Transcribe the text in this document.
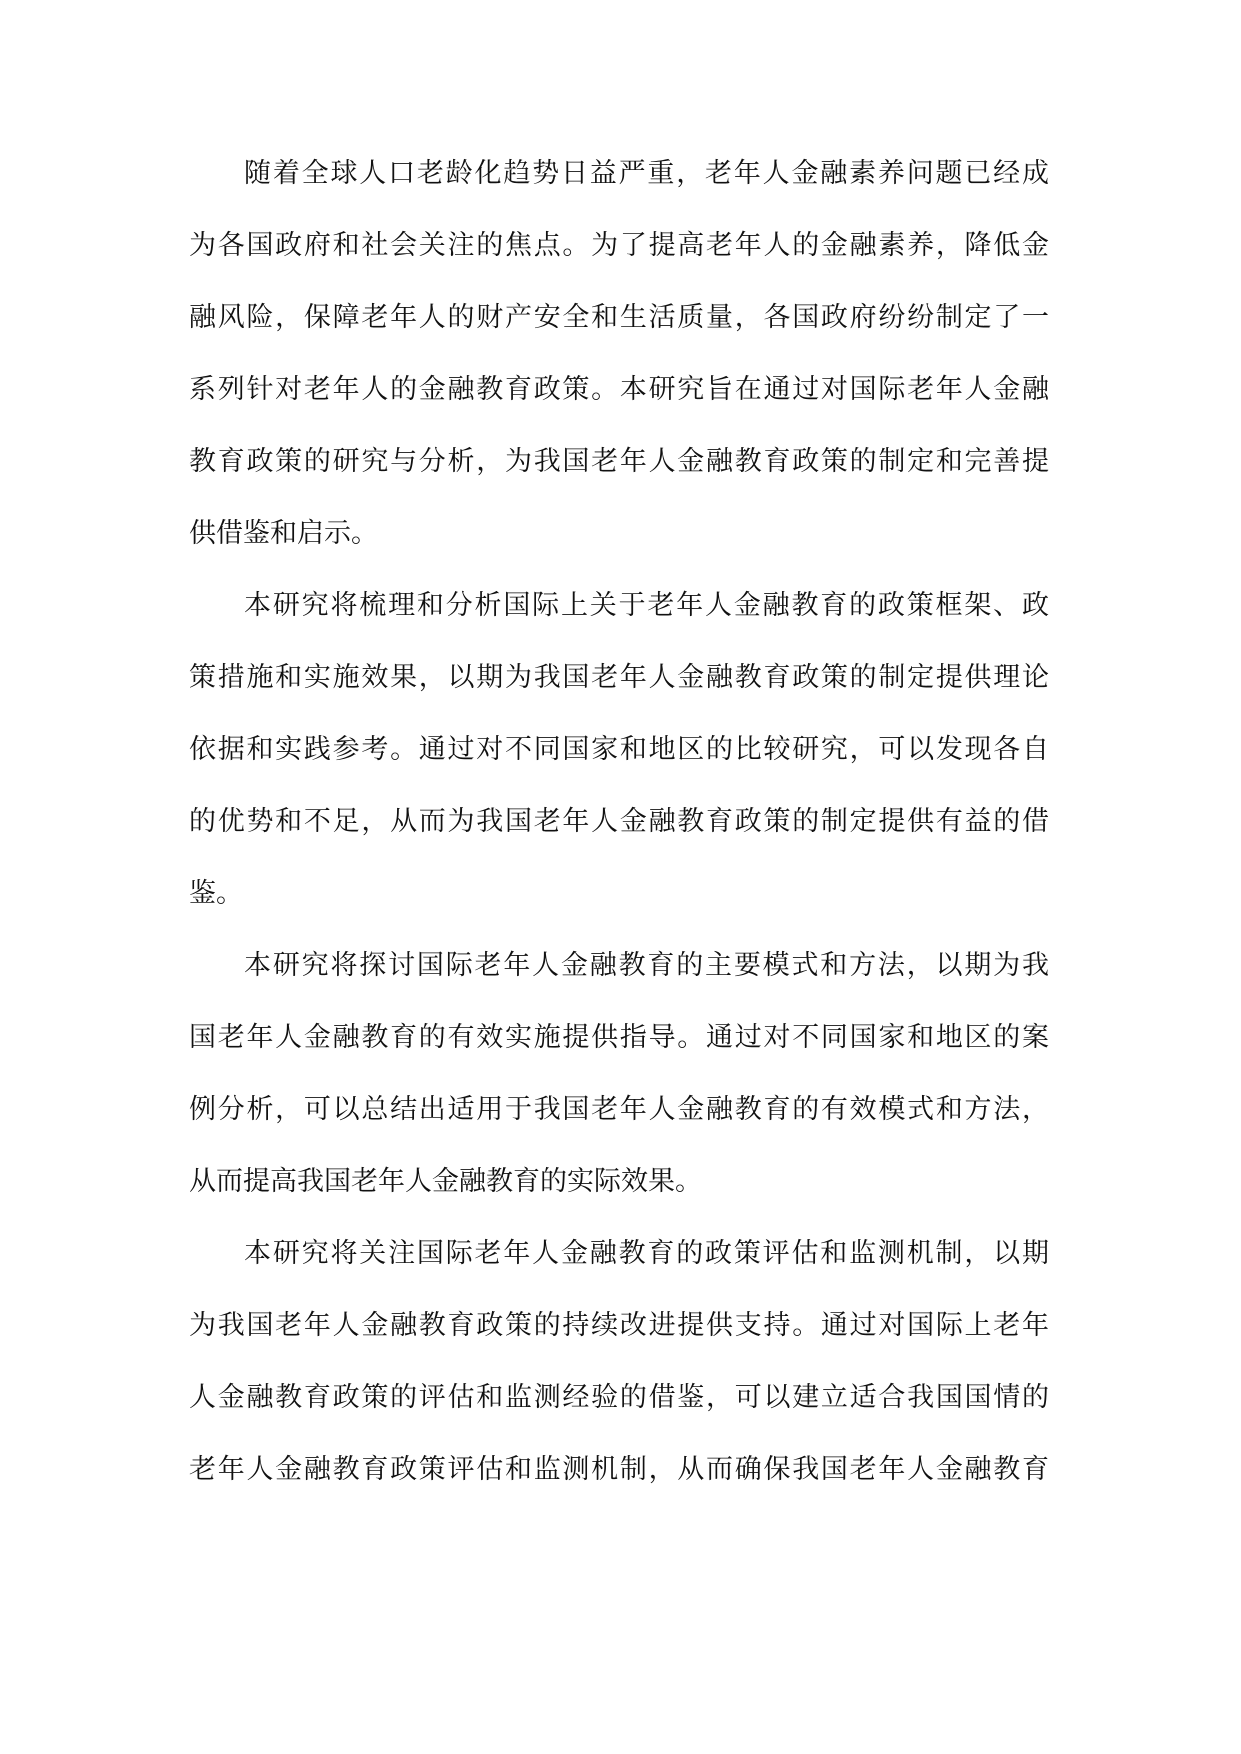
随着全球人口老龄化趋势日益严重，老年人金融素养问题已经成
为各国政府和社会关注的焦点。为了提高老年人的金融素养，降低金
融风险，保障老年人的财产安全和生活质量，各国政府纷纷制定了一
系列针对老年人的金融教育政策。本研究旨在通过对国际老年人金融
教育政策的研究与分析，为我国老年人金融教育政策的制定和完善提
供借鉴和启示。
本研究将梳理和分析国际上关于老年人金融教育的政策框架、政
策措施和实施效果，以期为我国老年人金融教育政策的制定提供理论
依据和实践参考。通过对不同国家和地区的比较研究，可以发现各自
的优势和不足，从而为我国老年人金融教育政策的制定提供有益的借
鉴。
本研究将探讨国际老年人金融教育的主要模式和方法，以期为我
国老年人金融教育的有效实施提供指导。通过对不同国家和地区的案
例分析，可以总结出适用于我国老年人金融教育的有效模式和方法，
从而提高我国老年人金融教育的实际效果。
本研究将关注国际老年人金融教育的政策评估和监测机制，以期
为我国老年人金融教育政策的持续改进提供支持。通过对国际上老年
人金融教育政策的评估和监测经验的借鉴，可以建立适合我国国情的
老年人金融教育政策评估和监测机制，从而确保我国老年人金融教育
